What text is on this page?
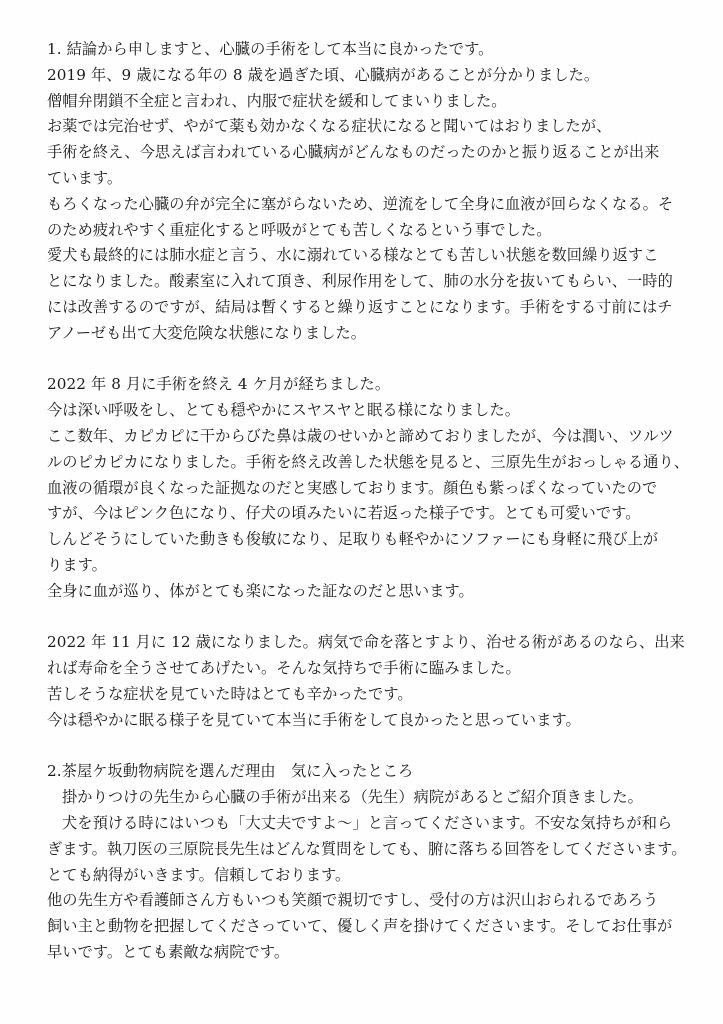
1. 結論から申しますと、心臓の手術をして本当に良かったです。
2019 年、9 歳になる年の 8 歳を過ぎた頃、心臓病があることが分かりました。
僧帽弁閉鎖不全症と言われ、内服で症状を緩和してまいりました。
お薬では完治せず、やがて薬も効かなくなる症状になると聞いてはおりましたが、
手術を終え、今思えば言われている心臓病がどんなものだったのかと振り返ることが出来
ています。
もろくなった心臓の弁が完全に塞がらないため、逆流をして全身に血液が回らなくなる。そ
のため疲れやすく重症化すると呼吸がとても苦しくなるという事でした。
愛犬も最終的には肺水症と言う、水に溺れている様なとても苦しい状態を数回繰り返すこ
とになりました。酸素室に入れて頂き、利尿作用をして、肺の水分を抜いてもらい、一時的
には改善するのですが、結局は暫くすると繰り返すことになります。手術をする寸前にはチ
アノーゼも出て大変危険な状態になりました。
2022 年 8 月に手術を終え 4 ケ月が経ちました。
今は深い呼吸をし、とても穏やかにスヤスヤと眠る様になりました。
ここ数年、カピカピに干からびた鼻は歳のせいかと諦めておりましたが、今は潤い、ツルツ
ルのピカピカになりました。手術を終え改善した状態を見ると、三原先生がおっしゃる通り、
血液の循環が良くなった証拠なのだと実感しております。顔色も紫っぽくなっていたので
すが、今はピンク色になり、仔犬の頃みたいに若返った様子です。とても可愛いです。
しんどそうにしていた動きも俊敏になり、足取りも軽やかにソファーにも身軽に飛び上が
ります。
全身に血が巡り、体がとても楽になった証なのだと思います。
2022 年 11 月に 12 歳になりました。病気で命を落とすより、治せる術があるのなら、出来
れば寿命を全うさせてあげたい。そんな気持ちで手術に臨みました。
苦しそうな症状を見ていた時はとても辛かったです。
今は穏やかに眠る様子を見ていて本当に手術をして良かったと思っています。
2.茶屋ケ坂動物病院を選んだ理由　気に入ったところ
掛かりつけの先生から心臓の手術が出来る（先生）病院があるとご紹介頂きました。
犬を預ける時にはいつも「大丈夫ですよ～」と言ってくださいます。不安な気持ちが和ら
ぎます。執刀医の三原院長先生はどんな質問をしても、腑に落ちる回答をしてくださいます。
とても納得がいきます。信頼しております。
他の先生方や看護師さん方もいつも笑顔で親切ですし、受付の方は沢山おられるであろう
飼い主と動物を把握してくださっていて、優しく声を掛けてくださいます。そしてお仕事が
早いです。とても素敵な病院です。
